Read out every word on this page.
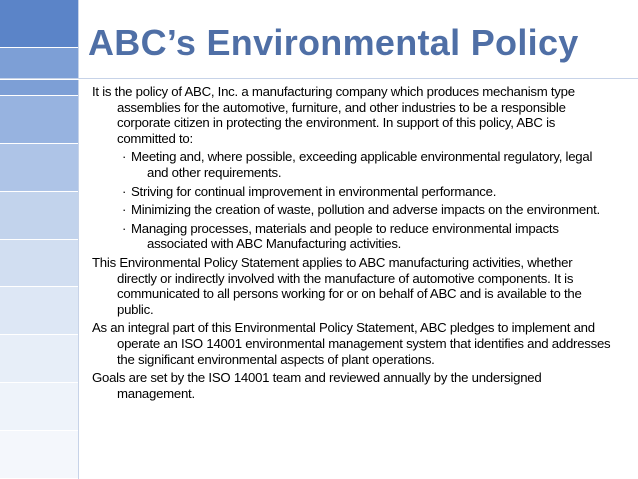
ABC’s Environmental Policy

It is the policy of ABC, Inc. a manufacturing company which produces mechanism type assemblies for the automotive, furniture, and other industries to be a responsible corporate citizen in protecting the environment. In support of this policy, ABC is committed to:

· Meeting and, where possible, exceeding applicable environmental regulatory, legal and other requirements.

· Striving for continual improvement in environmental performance.

· Minimizing the creation of waste, pollution and adverse impacts on the environment.

· Managing processes, materials and people to reduce environmental impacts associated with ABC Manufacturing activities.

This Environmental Policy Statement applies to ABC manufacturing activities, whether directly or indirectly involved with the manufacture of automotive components. It is communicated to all persons working for or on behalf of ABC and is available to the public.

As an integral part of this Environmental Policy Statement, ABC pledges to implement and operate an ISO 14001 environmental management system that identifies and addresses the significant environmental aspects of plant operations.

Goals are set by the ISO 14001 team and reviewed annually by the undersigned management.
